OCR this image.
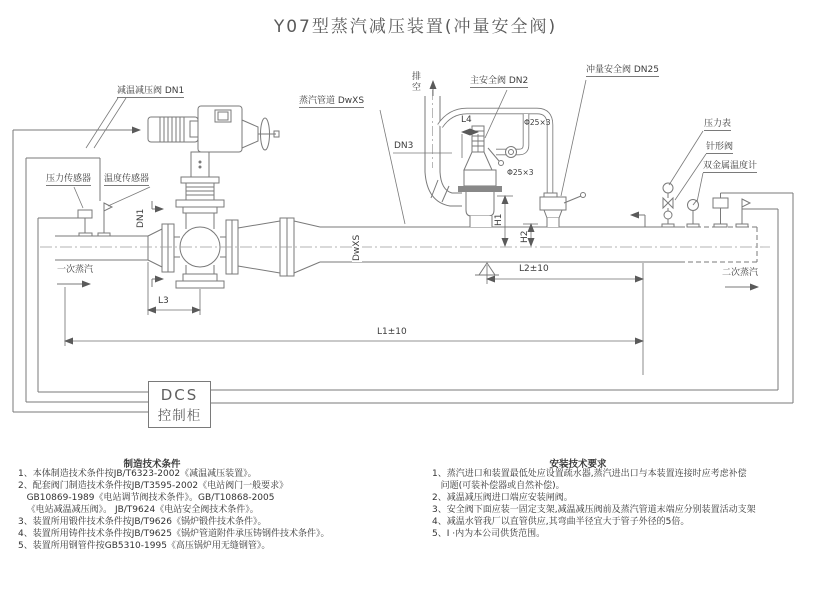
Y07型蒸汽减压装置(冲量安全阀)
减温减压阀 DN1
蒸汽管道 DwXS
排空	主安全阀 DN2
冲量安全阀 DN25
压力表
针形阀
双金属温度计
压力传感器 温度传感器
一次蒸汽	二次蒸汽
DN3
L4
L3
L1±10
L2±10
Φ25×3
Φ25×3
DN1
DwXS
H1
H2
DCS
控制柜
制造技术条件
1、本体制造技术条件按JB/T6323-2002《减温减压装置》。
2、配套阀门制造技术条件按JB/T3595-2002《电站阀门一般要求》
GB10869-1989《电站调节阀技术条件》。GB/T10868-2005
《电站减温减压阀》。 JB/T9624《电站安全阀技术条件》。
3、装置所用锻件技术条件按JB/T9626《锅炉锻件技术条件》。
4、装置所用铸件技术条件按JB/T9625《锅炉管道附件承压铸钢件技术条件》。
5、装置所用钢管件按GB5310-1995《高压锅炉用无缝钢管》。
安装技术要求
1、蒸汽进口和装置最低处应设置疏水器,蒸汽进出口与本装置连接时应考虑补偿
问题(可装补偿器或自然补偿)。
2、减温减压阀进口端应安装闸阀。
3、安全阀下面应装一固定支架,减温减压阀前及蒸汽管道末端应分别装置活动支架
4、减温水管我厂以直管供应,其弯曲半径宜大于管子外径的5倍。
5、Ⅰ ·内为本公司供货范围。
